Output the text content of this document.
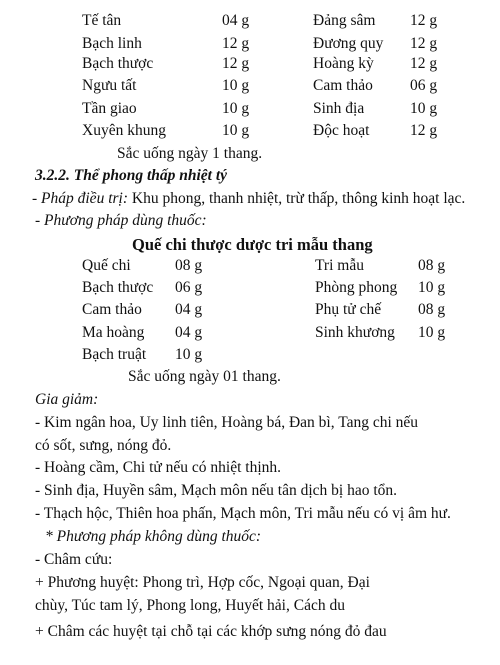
Tế tân	04 g	Đảng sâm 12 g
Bạch linh	12 g	Đương quy 12 g
Bạch thược	12 g	Hoàng kỳ 12 g
Ngưu tất	10 g	Cam thảo 06 g
Tần giao	10 g	Sinh địa	10 g
Xuyên khung	10 g	Độc hoạt	12 g
Sắc uống ngày 1 thang.
3.2.2. Thể phong thấp nhiệt tý
- Pháp điều trị: Khu phong, thanh nhiệt, trừ thấp, thông kinh hoạt lạc.
- Phương pháp dùng thuốc:
Quế chi thược dược tri mẫu thang
Quế chi	08 g	Tri mẫu	08 g
Bạch thược 06 g	Phòng phong 10 g
Cam thảo 04 g	Phụ tử chế 08 g
Ma hoàng 04 g	Sinh khương 10 g
Bạch truật 10 g
Sắc uống ngày 01 thang.
Gia giảm:
- Kim ngân hoa, Uy linh tiên, Hoàng bá, Đan bì, Tang chi nếu
có sốt, sưng, nóng đỏ.
- Hoàng cầm, Chi tử nếu có nhiệt thịnh.
- Sinh địa, Huyền sâm, Mạch môn nếu tân dịch bị hao tổn.
- Thạch hộc, Thiên hoa phấn, Mạch môn, Tri mẫu nếu có vị âm hư.
* Phương pháp không dùng thuốc:
- Châm cứu:
+ Phương huyệt: Phong trì, Hợp cốc, Ngoại quan, Đại
chùy, Túc tam lý, Phong long, Huyết hải, Cách du
+ Châm các huyệt tại chỗ tại các khớp sưng nóng đỏ đau
